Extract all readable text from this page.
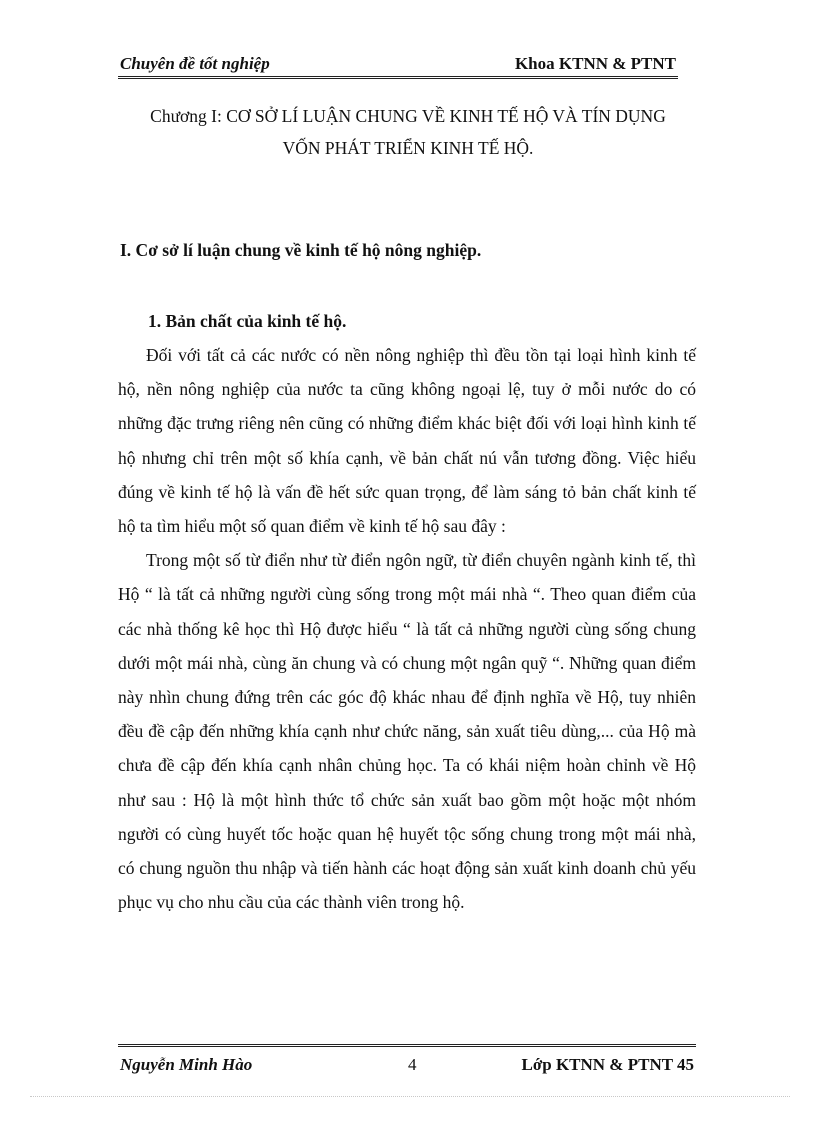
Chuyên đề tốt nghiệp	Khoa KTNN & PTNT
Chương I: CƠ SỞ LÍ LUẬN CHUNG VỀ KINH TẾ HỘ VÀ TÍN DỤNG
VỐN PHÁT TRIỂN KINH TẾ HỘ.
I. Cơ sở lí luận chung về kinh tế hộ nông nghiệp.
1. Bản chất của kinh tế hộ.

Đối với tất cả các nước có nền nông nghiệp thì đều tồn tại loại hình kinh tế hộ, nền nông nghiệp của nước ta cũng không ngoại lệ, tuy ở mỗi nước do có những đặc trưng riêng nên cũng có những điểm khác biệt đối với loại hình kinh tế hộ nhưng chỉ trên một số khía cạnh, về bản chất nú vẫn tương đồng. Việc hiểu đúng về kinh tế hộ là vấn đề hết sức quan trọng, để làm sáng tỏ bản chất kinh tế hộ ta tìm hiểu một số quan điểm về kinh tế hộ sau đây :

Trong một số từ điển như từ điển ngôn ngữ, từ điển chuyên ngành kinh tế, thì Hộ “ là tất cả những người cùng sống trong một mái nhà “. Theo quan điểm của các nhà thống kê học thì Hộ được hiểu “ là tất cả những người cùng sống chung dưới một mái nhà, cùng ăn chung và có chung một ngân quỹ “. Những quan điểm này nhìn chung đứng trên các góc độ khác nhau để định nghĩa về Hộ, tuy nhiên đều đề cập đến những khía cạnh như chức năng, sản xuất tiêu dùng,... của Hộ mà chưa đề cập đến khía cạnh nhân chủng học. Ta có khái niệm hoàn chỉnh về Hộ như sau : Hộ là một hình thức tổ chức sản xuất bao gồm một hoặc một nhóm người có cùng huyết tốc hoặc quan hệ huyết tộc sống chung trong một mái nhà, có chung nguồn thu nhập và tiến hành các hoạt động sản xuất kinh doanh chủ yếu phục vụ cho nhu cầu của các thành viên trong hộ.

Nguyễn Minh Hào	4	Lớp KTNN & PTNT 45
